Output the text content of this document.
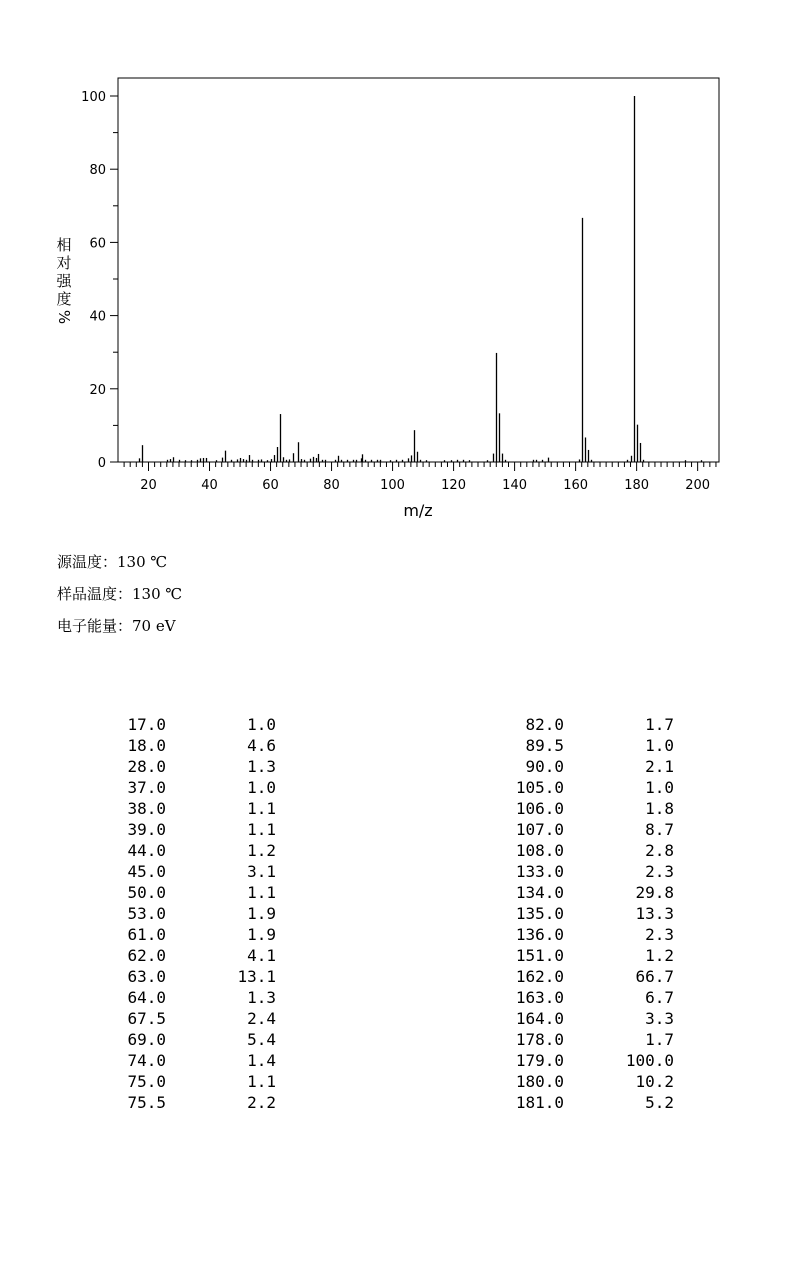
0
20
40
60
80
100
20	40	60	80	100	120	140	160	180	200
m/z
相
对
强
度
%
源温度：130 ℃
样品温度：130 ℃
电子能量：70 eV
17.0	1.0
18.0	4.6
28.0	1.3
37.0	1.0
38.0	1.1
39.0	1.1
44.0	1.2
45.0	3.1
50.0	1.1
53.0	1.9
61.0	1.9
62.0	4.1
63.0	13.1
64.0	1.3
67.5	2.4
69.0	5.4
74.0	1.4
75.0	1.1
75.5	2.2
82.0	1.7
89.5	1.0
90.0	2.1
105.0	1.0
106.0	1.8
107.0	8.7
108.0	2.8
133.0	2.3
134.0	29.8
135.0	13.3
136.0	2.3
151.0	1.2
162.0	66.7
163.0	6.7
164.0	3.3
178.0	1.7
179.0	100.0
180.0	10.2
181.0	5.2
